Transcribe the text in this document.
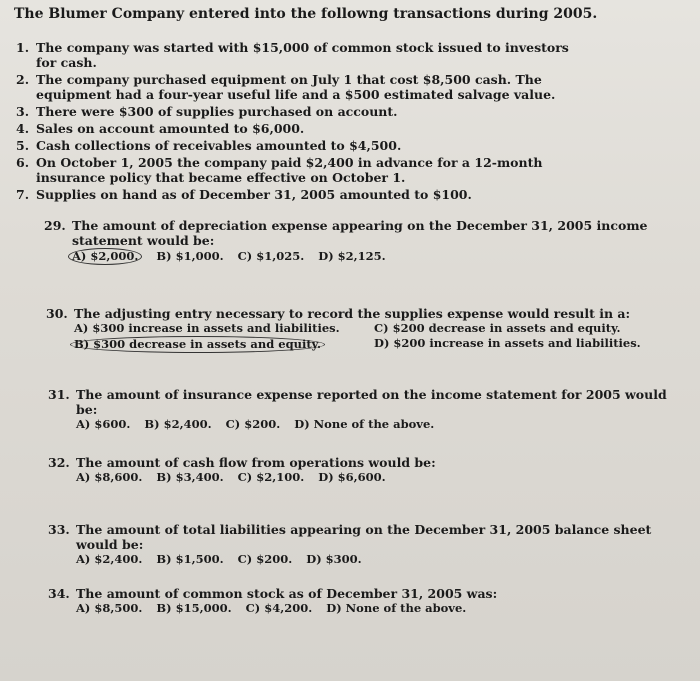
The Blumer Company entered into the followng transactions during 2005.
1. The company was started with $15,000 of common stock issued to investors for cash.
2. The company purchased equipment on July 1 that cost $8,500 cash. The equipment had a four-year useful life and a $500 estimated salvage value.
3. There were $300 of supplies purchased on account.
4. Sales on account amounted to $6,000.
5. Cash collections of receivables amounted to $4,500.
6. On October 1, 2005 the company paid $2,400 in advance for a 12-month insurance policy that became effective on October 1.
7. Supplies on hand as of December 31, 2005 amounted to $100.
29. The amount of depreciation expense appearing on the December 31, 2005 income statement would be:
A) $2,000. B) $1,000. C) $1,025. D) $2,125.
30. The adjusting entry necessary to record the supplies expense would result in a:
A) $300 increase in assets and liabilities.	C) $200 decrease in assets and equity.
B) $300 decrease in assets and equity.	D) $200 increase in assets and liabilities.
31. The amount of insurance expense reported on the income statement for 2005 would be:
A) $600. B) $2,400. C) $200. D) None of the above.
32. The amount of cash flow from operations would be:
A) $8,600. B) $3,400. C) $2,100. D) $6,600.
33. The amount of total liabilities appearing on the December 31, 2005 balance sheet would be:
A) $2,400. B) $1,500. C) $200. D) $300.
34. The amount of common stock as of December 31, 2005 was:
A) $8,500. B) $15,000. C) $4,200. D) None of the above.
